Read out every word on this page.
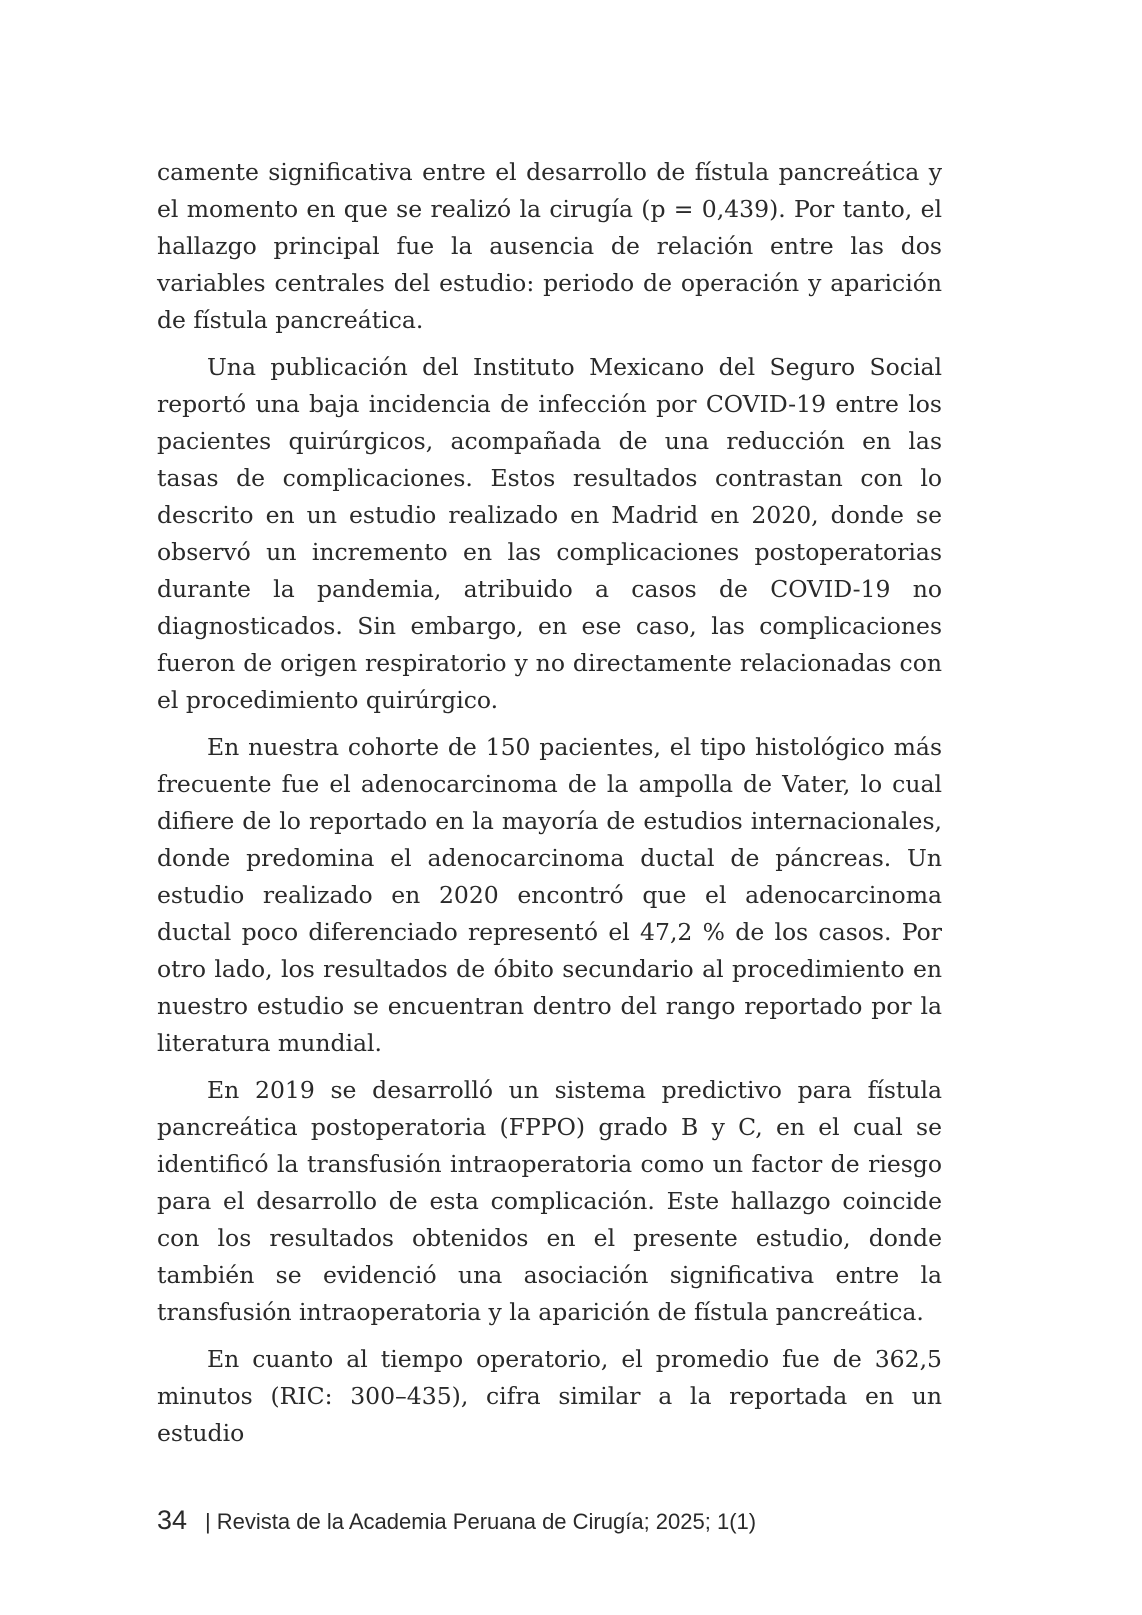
camente significativa entre el desarrollo de fístula pancreática y el momento en que se realizó la cirugía (p = 0,439). Por tanto, el hallazgo principal fue la ausencia de relación entre las dos variables centrales del estudio: periodo de operación y aparición de fístula pancreática.

Una publicación del Instituto Mexicano del Seguro Social reportó una baja incidencia de infección por COVID-19 entre los pacientes quirúrgicos, acompañada de una reducción en las tasas de complicaciones. Estos resultados contrastan con lo descrito en un estudio realizado en Madrid en 2020, donde se observó un incremento en las complicaciones postoperatorias durante la pandemia, atribuido a casos de COVID-19 no diagnosticados. Sin embargo, en ese caso, las complicaciones fueron de origen respiratorio y no directamente relacionadas con el procedimiento quirúrgico.

En nuestra cohorte de 150 pacientes, el tipo histológico más frecuente fue el adenocarcinoma de la ampolla de Vater, lo cual difiere de lo reportado en la mayoría de estudios internacionales, donde predomina el adenocarcinoma ductal de páncreas. Un estudio realizado en 2020 encontró que el adenocarcinoma ductal poco diferenciado representó el 47,2 % de los casos. Por otro lado, los resultados de óbito secundario al procedimiento en nuestro estudio se encuentran dentro del rango reportado por la literatura mundial.

En 2019 se desarrolló un sistema predictivo para fístula pancreática postoperatoria (FPPO) grado B y C, en el cual se identificó la transfusión intraoperatoria como un factor de riesgo para el desarrollo de esta complicación. Este hallazgo coincide con los resultados obtenidos en el presente estudio, donde también se evidenció una asociación significativa entre la transfusión intraoperatoria y la aparición de fístula pancreática.

En cuanto al tiempo operatorio, el promedio fue de 362,5 minutos (RIC: 300–435), cifra similar a la reportada en un estudio

34 | Revista de la Academia Peruana de Cirugía; 2025; 1(1)
